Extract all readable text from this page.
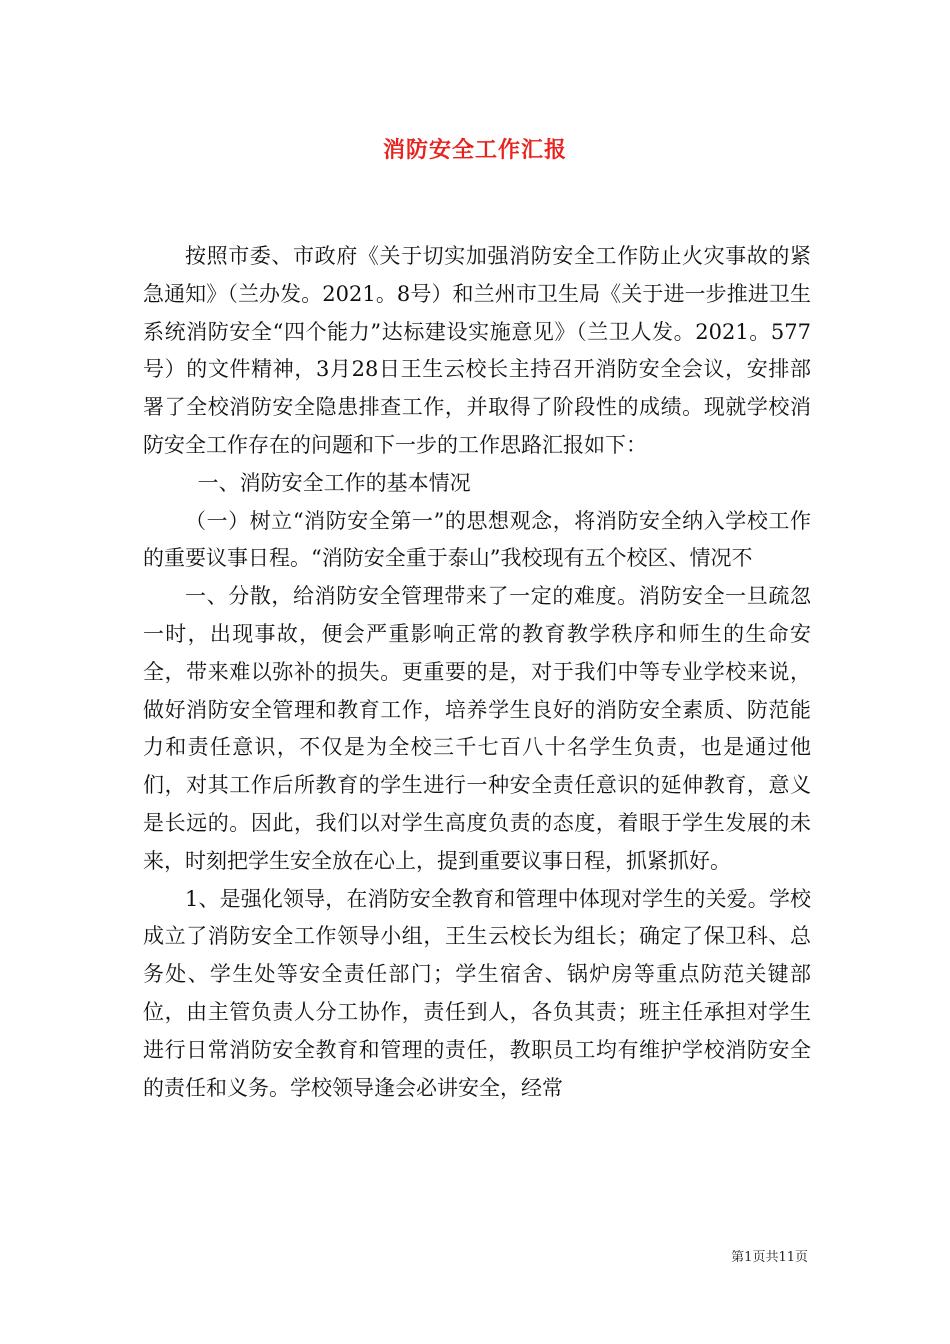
消防安全工作汇报

按照市委、市政府《关于切实加强消防安全工作防止火灾事故的紧急通知》（兰办发。2021。8号）和兰州市卫生局《关于进一步推进卫生系统消防安全“四个能力”达标建设实施意见》（兰卫人发。2021。577号）的文件精神，3月28日王生云校长主持召开消防安全会议，安排部署了全校消防安全隐患排查工作，并取得了阶段性的成绩。现就学校消防安全工作存在的问题和下一步的工作思路汇报如下：

一、消防安全工作的基本情况

（一）树立“消防安全第一”的思想观念，将消防安全纳入学校工作的重要议事日程。“消防安全重于泰山”我校现有五个校区、情况不

一、分散，给消防安全管理带来了一定的难度。消防安全一旦疏忽一时，出现事故，便会严重影响正常的教育教学秩序和师生的生命安全，带来难以弥补的损失。更重要的是，对于我们中等专业学校来说，做好消防安全管理和教育工作，培养学生良好的消防安全素质、防范能力和责任意识，不仅是为全校三千七百八十名学生负责，也是通过他们，对其工作后所教育的学生进行一种安全责任意识的延伸教育，意义是长远的。因此，我们以对学生高度负责的态度，着眼于学生发展的未来，时刻把学生安全放在心上，提到重要议事日程，抓紧抓好。

1、是强化领导，在消防安全教育和管理中体现对学生的关爱。学校成立了消防安全工作领导小组，王生云校长为组长；确定了保卫科、总务处、学生处等安全责任部门；学生宿舍、锅炉房等重点防范关键部位，由主管负责人分工协作，责任到人，各负其责；班主任承担对学生进行日常消防安全教育和管理的责任，教职员工均有维护学校消防安全的责任和义务。学校领导逢会必讲安全，经常

第1页共11页
